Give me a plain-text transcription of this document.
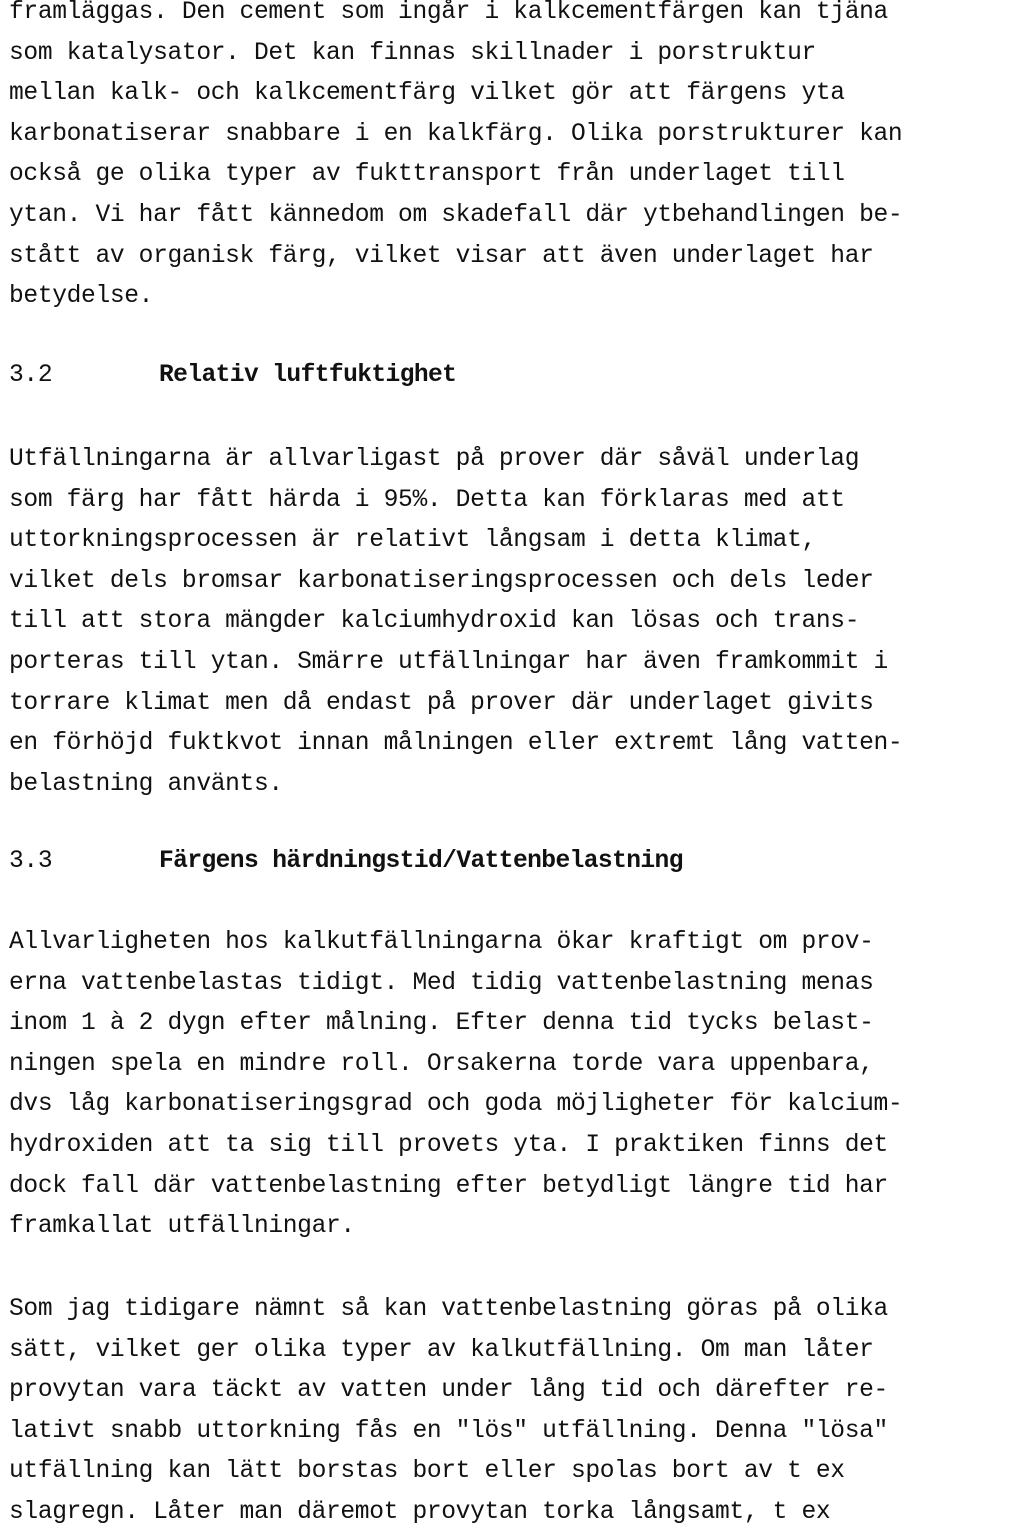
framläggas. Den cement som ingår i kalkcementfärgen kan tjäna
som katalysator. Det kan finnas skillnader i porstruktur
mellan kalk- och kalkcementfärg vilket gör att färgens yta
karbonatiserar snabbare i en kalkfärg. Olika porstrukturer kan
också ge olika typer av fukttransport från underlaget till
ytan. Vi har fått kännedom om skadefall där ytbehandlingen be-
stått av organisk färg, vilket visar att även underlaget har
betydelse.

3.2

	Relativ luftfuktighet

Utfällningarna är allvarligast på prover där såväl underlag
som färg har fått härda i 95%. Detta kan förklaras med att
uttorkningsprocessen är relativt långsam i detta klimat,
vilket dels bromsar karbonatiseringsprocessen och dels leder
till att stora mängder kalciumhydroxid kan lösas och trans-
porteras till ytan. Smärre utfällningar har även framkommit i
torrare klimat men då endast på prover där underlaget givits
en förhöjd fuktkvot innan målningen eller extremt lång vatten-
belastning använts.

3.3

	Färgens härdningstid/Vattenbelastning

Allvarligheten hos kalkutfällningarna ökar kraftigt om prov-
erna vattenbelastas tidigt. Med tidig vattenbelastning menas
inom 1 à 2 dygn efter målning. Efter denna tid tycks belast-
ningen spela en mindre roll. Orsakerna torde vara uppenbara,
dvs låg karbonatiseringsgrad och goda möjligheter för kalcium-
hydroxiden att ta sig till provets yta. I praktiken finns det
dock fall där vattenbelastning efter betydligt längre tid har
framkallat utfällningar.
Som jag tidigare nämnt så kan vattenbelastning göras på olika
sätt, vilket ger olika typer av kalkutfällning. Om man låter
provytan vara täckt av vatten under lång tid och därefter re-
lativt snabb uttorkning fås en "lös" utfällning. Denna "lösa"
utfällning kan lätt borstas bort eller spolas bort av t ex
slagregn. Låter man däremot provytan torka långsamt, t ex
